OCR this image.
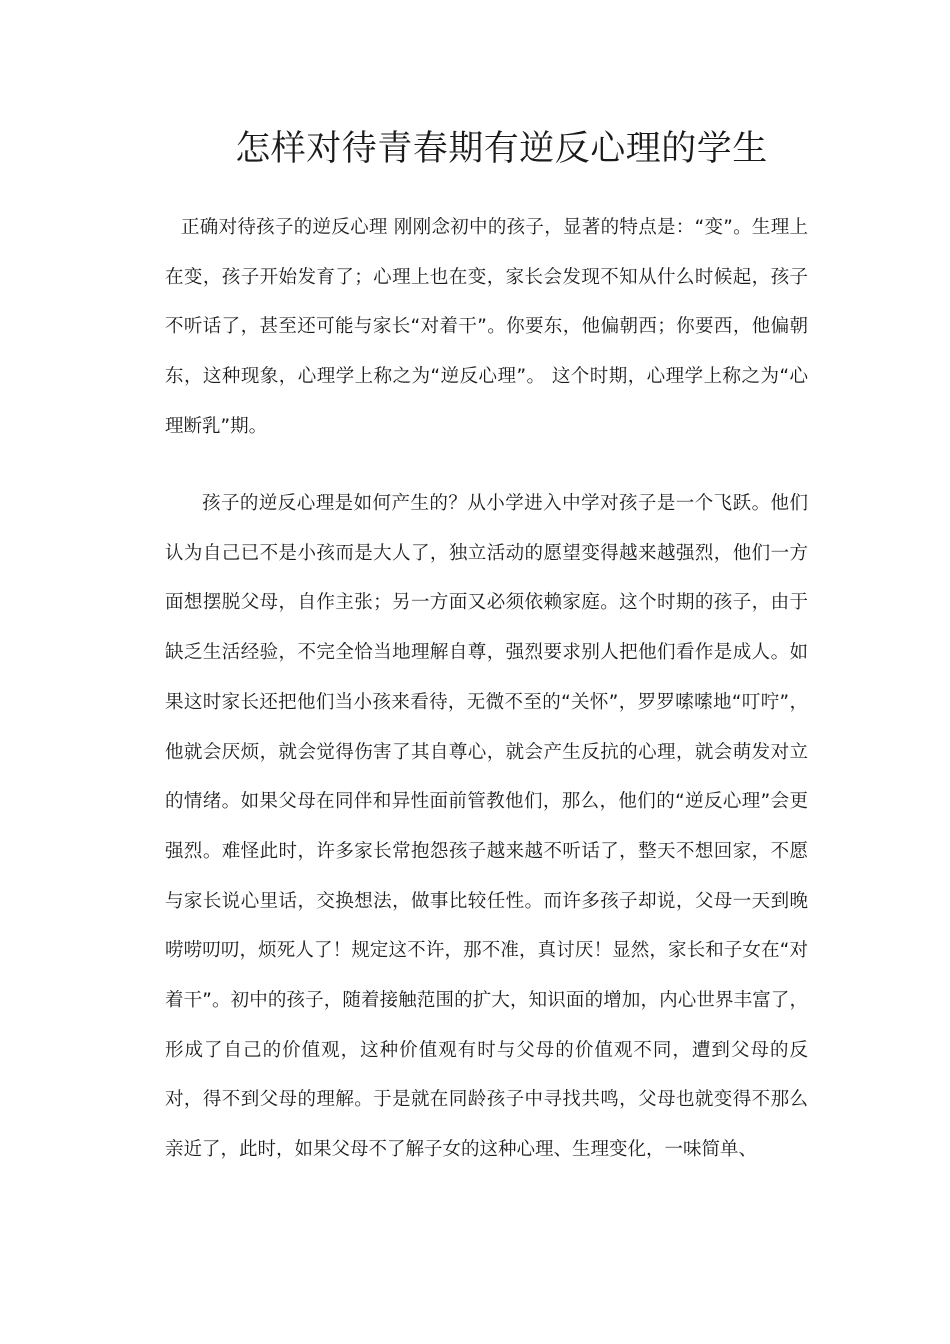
怎样对待青春期有逆反心理的学生

正确对待孩子的逆反心理 刚刚念初中的孩子，显著的特点是：“变”。生理上在变，孩子开始发育了；心理上也在变，家长会发现不知从什么时候起，孩子不听话了，甚至还可能与家长“对着干”。你要东，他偏朝西；你要西，他偏朝东，这种现象，心理学上称之为“逆反心理”。 这个时期，心理学上称之为“心理断乳”期。

孩子的逆反心理是如何产生的？从小学进入中学对孩子是一个飞跃。他们认为自己已不是小孩而是大人了，独立活动的愿望变得越来越强烈，他们一方面想摆脱父母，自作主张；另一方面又必须依赖家庭。这个时期的孩子，由于缺乏生活经验，不完全恰当地理解自尊，强烈要求别人把他们看作是成人。如果这时家长还把他们当小孩来看待，无微不至的“关怀”，罗罗嗦嗦地“叮咛”，他就会厌烦，就会觉得伤害了其自尊心，就会产生反抗的心理，就会萌发对立的情绪。如果父母在同伴和异性面前管教他们，那么，他们的“逆反心理”会更强烈。难怪此时，许多家长常抱怨孩子越来越不听话了，整天不想回家，不愿与家长说心里话，交换想法，做事比较任性。而许多孩子却说，父母一天到晚唠唠叨叨，烦死人了！规定这不许，那不准，真讨厌！显然，家长和子女在“对着干”。初中的孩子，随着接触范围的扩大，知识面的增加，内心世界丰富了，形成了自己的价值观，这种价值观有时与父母的价值观不同，遭到父母的反对，得不到父母的理解。于是就在同龄孩子中寻找共鸣，父母也就变得不那么亲近了，此时，如果父母不了解子女的这种心理、生理变化，一味简单、
